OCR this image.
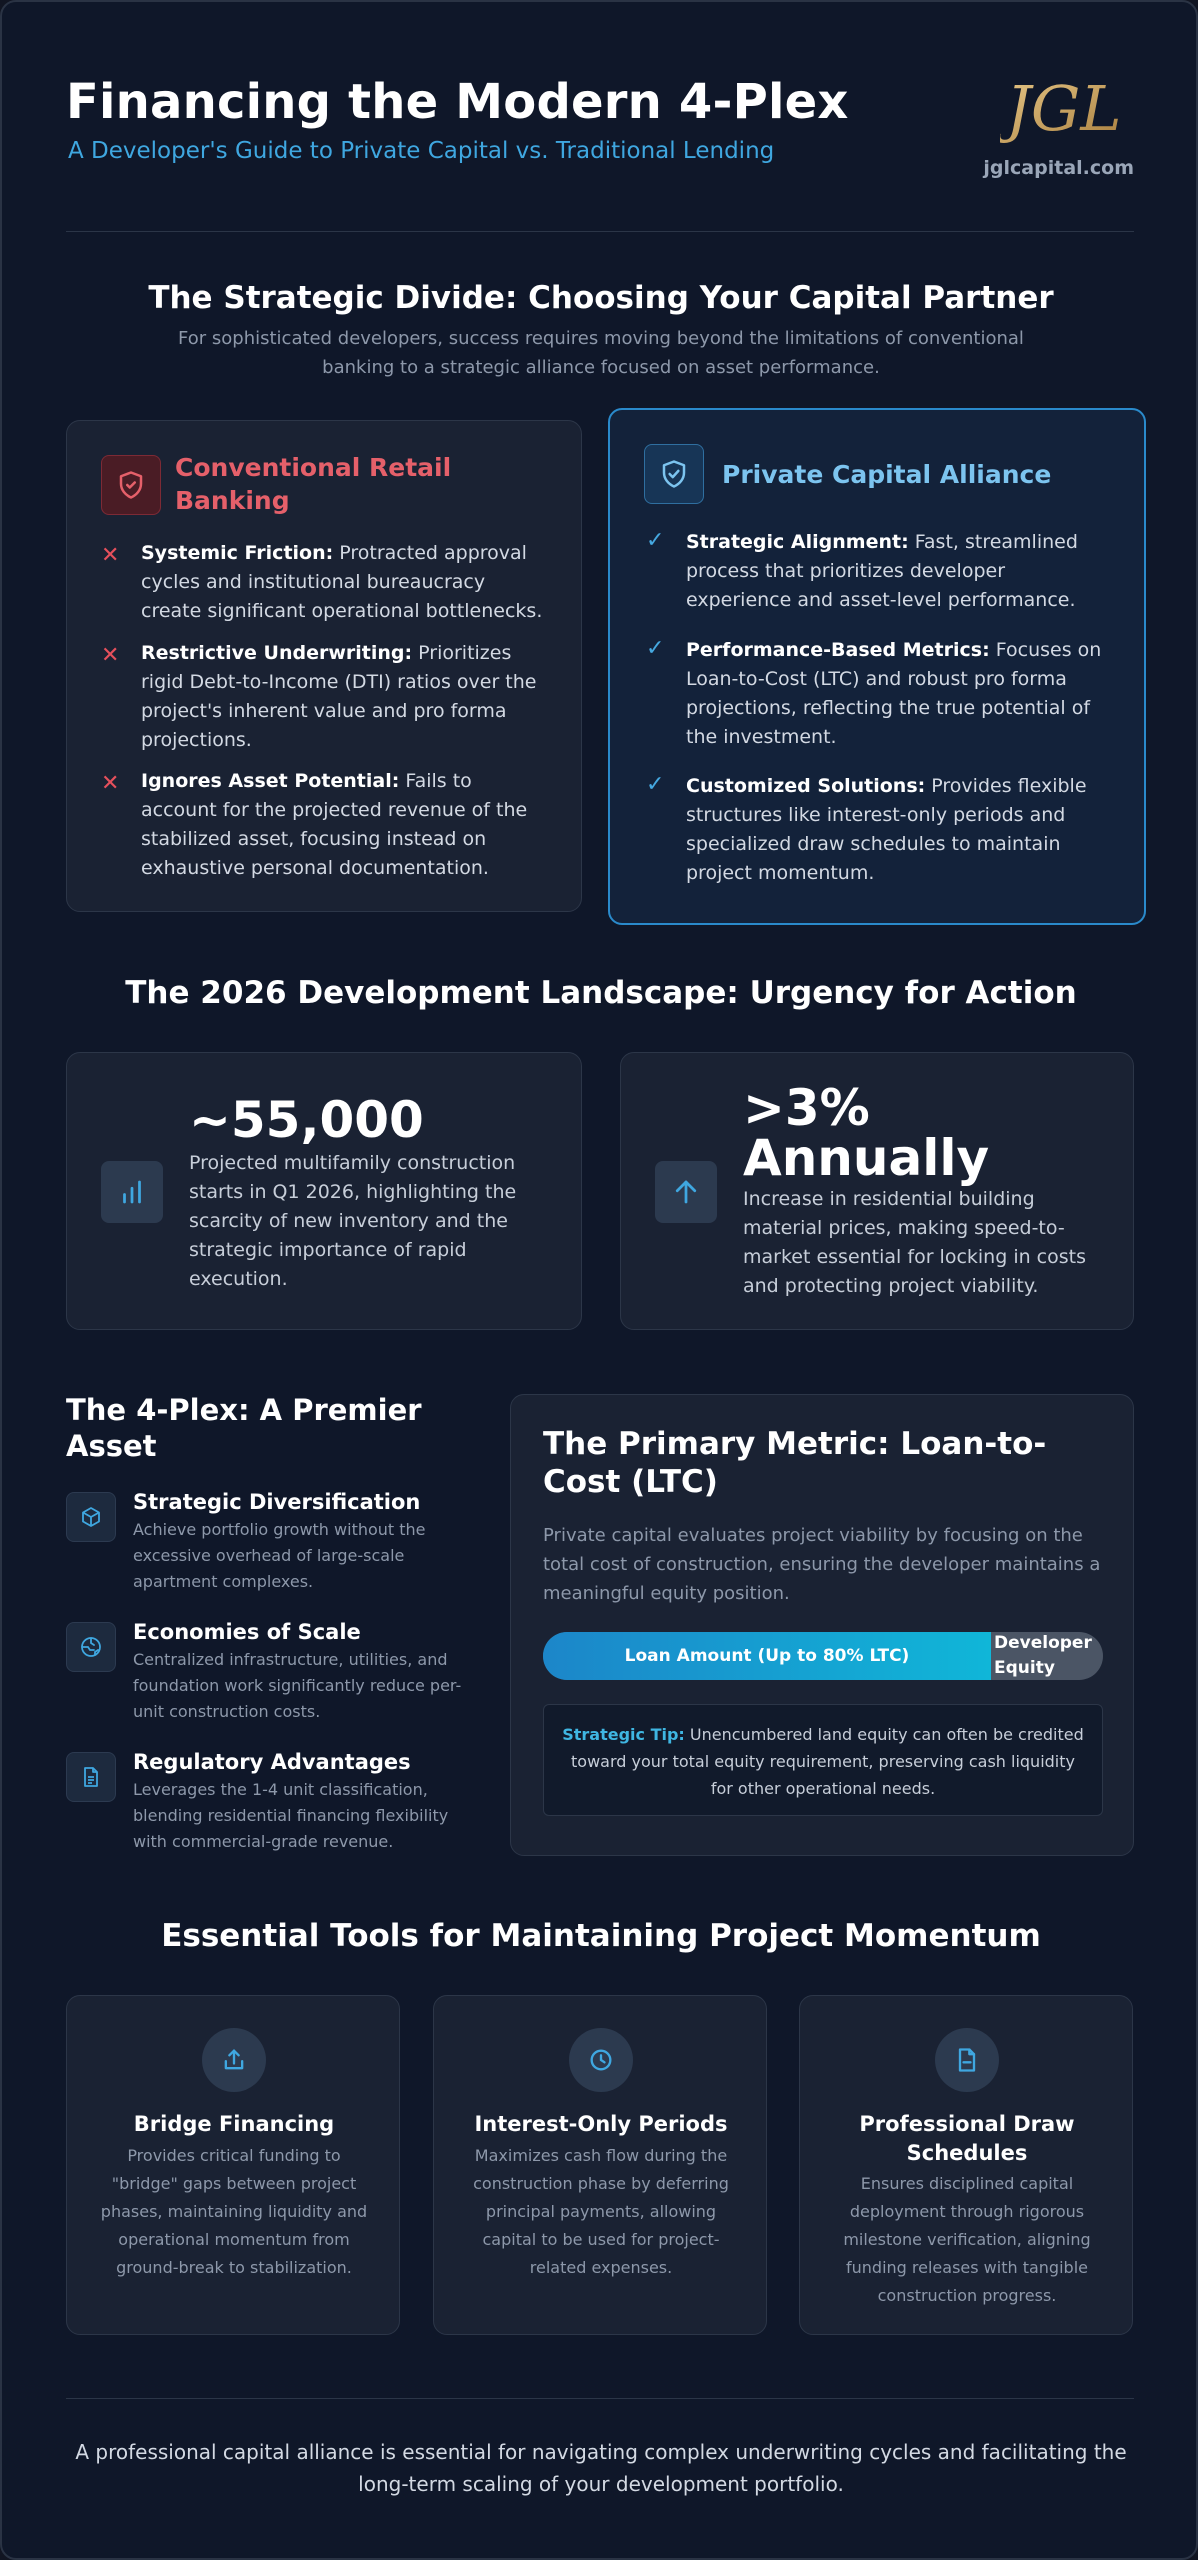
Financing the Modern 4-Plex
A Developer's Guide to Private Capital vs. Traditional Lending
JGL
jglcapital.com
The Strategic Divide: Choosing Your Capital Partner
For sophisticated developers, success requires moving beyond the limitations of conventional banking to a strategic alliance focused on asset performance.
Conventional Retail Banking
✕ Systemic Friction: Protracted approval cycles and institutional bureaucracy create significant operational bottlenecks.
✕ Restrictive Underwriting: Prioritizes rigid Debt-to-Income (DTI) ratios over the project's inherent value and pro forma projections.
✕ Ignores Asset Potential: Fails to account for the projected revenue of the stabilized asset, focusing instead on exhaustive personal documentation.
Private Capital Alliance
✓ Strategic Alignment: Fast, streamlined process that prioritizes developer experience and asset-level performance.
✓ Performance-Based Metrics: Focuses on Loan-to-Cost (LTC) and robust pro forma projections, reflecting the true potential of the investment.
✓ Customized Solutions: Provides flexible structures like interest-only periods and specialized draw schedules to maintain project momentum.
The 2026 Development Landscape: Urgency for Action
~55,000
Projected multifamily construction starts in Q1 2026, highlighting the scarcity of new inventory and the strategic importance of rapid execution.
>3% Annually
Increase in residential building material prices, making speed-to-market essential for locking in costs and protecting project viability.
The 4-Plex: A Premier Asset
Strategic Diversification
Achieve portfolio growth without the excessive overhead of large-scale apartment complexes.
Economies of Scale
Centralized infrastructure, utilities, and foundation work significantly reduce per-unit construction costs.
Regulatory Advantages
Leverages the 1-4 unit classification, blending residential financing flexibility with commercial-grade revenue.
The Primary Metric: Loan-to-Cost (LTC)
Private capital evaluates project viability by focusing on the total cost of construction, ensuring the developer maintains a meaningful equity position.
Loan Amount (Up to 80% LTC)
Developer Equity
Strategic Tip: Unencumbered land equity can often be credited toward your total equity requirement, preserving cash liquidity for other operational needs.
Essential Tools for Maintaining Project Momentum
Bridge Financing
Provides critical funding to "bridge" gaps between project phases, maintaining liquidity and operational momentum from ground-break to stabilization.
Interest-Only Periods
Maximizes cash flow during the construction phase by deferring principal payments, allowing capital to be used for project-related expenses.
Professional Draw Schedules
Ensures disciplined capital deployment through rigorous milestone verification, aligning funding releases with tangible construction progress.
A professional capital alliance is essential for navigating complex underwriting cycles and facilitating the long-term scaling of your development portfolio.
